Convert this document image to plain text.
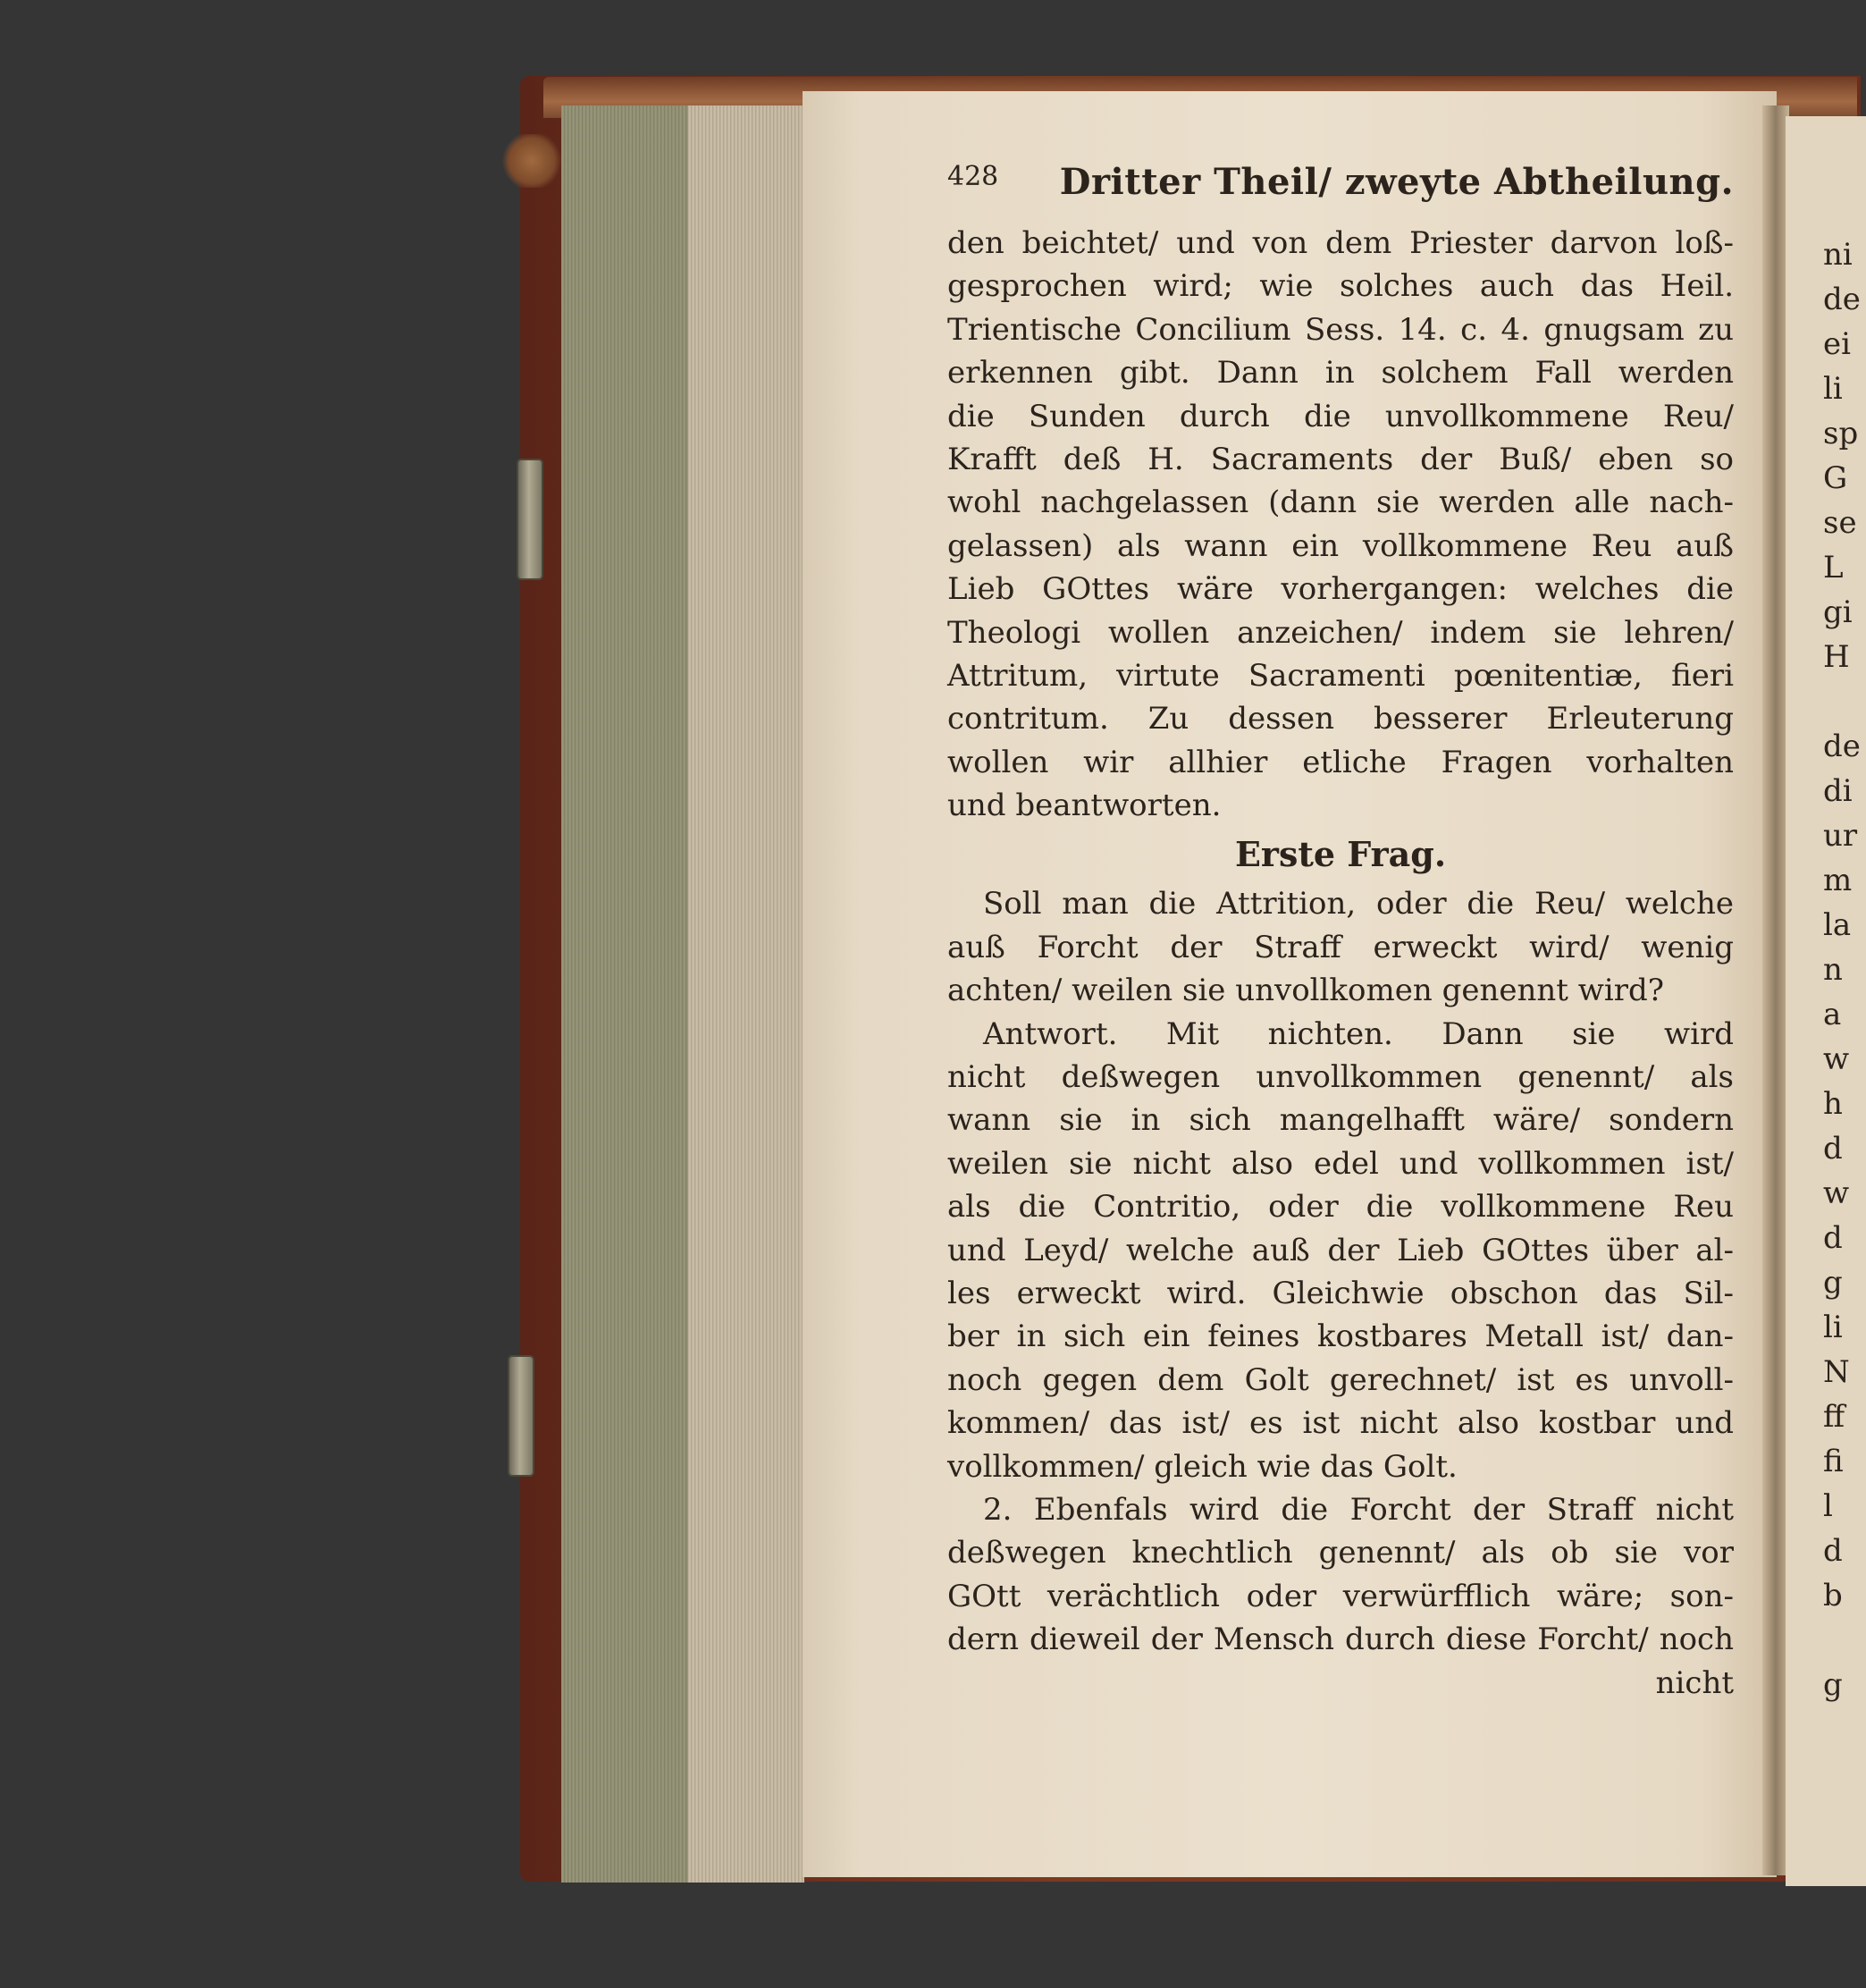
428	Dritter Theil/ zweyte Abtheilung.
den beichtet/ und von dem Priester darvon loß-
gesprochen wird; wie solches auch das Heil.
Trientische Concilium Sess. 14. c. 4. gnugsam zu
erkennen gibt. Dann in solchem Fall werden
die Sunden durch die unvollkommene Reu/
Krafft deß H. Sacraments der Buß/ eben so
wohl nachgelassen (dann sie werden alle nach-
gelassen) als wann ein vollkommene Reu auß
Lieb GOttes wäre vorhergangen: welches die
Theologi wollen anzeichen/ indem sie lehren/
Attritum, virtute Sacramenti pœnitentiæ, fieri
contritum. Zu dessen besserer Erleuterung
wollen wir allhier etliche Fragen vorhalten
und beantworten.
Erste Frag.
Soll man die Attrition, oder die Reu/ welche
auß Forcht der Straff erweckt wird/ wenig
achten/ weilen sie unvollkomen genennt wird?
Antwort. Mit nichten. Dann sie wird
nicht deßwegen unvollkommen genennt/ als
wann sie in sich mangelhafft wäre/ sondern
weilen sie nicht also edel und vollkommen ist/
als die Contritio, oder die vollkommene Reu
und Leyd/ welche auß der Lieb GOttes über al-
les erweckt wird. Gleichwie obschon das Sil-
ber in sich ein feines kostbares Metall ist/ dan-
noch gegen dem Golt gerechnet/ ist es unvoll-
kommen/ das ist/ es ist nicht also kostbar und
vollkommen/ gleich wie das Golt.
2. Ebenfals wird die Forcht der Straff nicht
deßwegen knechtlich genennt/ als ob sie vor
GOtt verächtlich oder verwürfflich wäre; son-
dern dieweil der Mensch durch diese Forcht/ noch
nicht
ni
de
ei
li
sp
G
se
L
gi
H
de
di
ur
m
la
n
a
w
h
d
w
d
g
li
N
ff
fi
l
d
b
g
